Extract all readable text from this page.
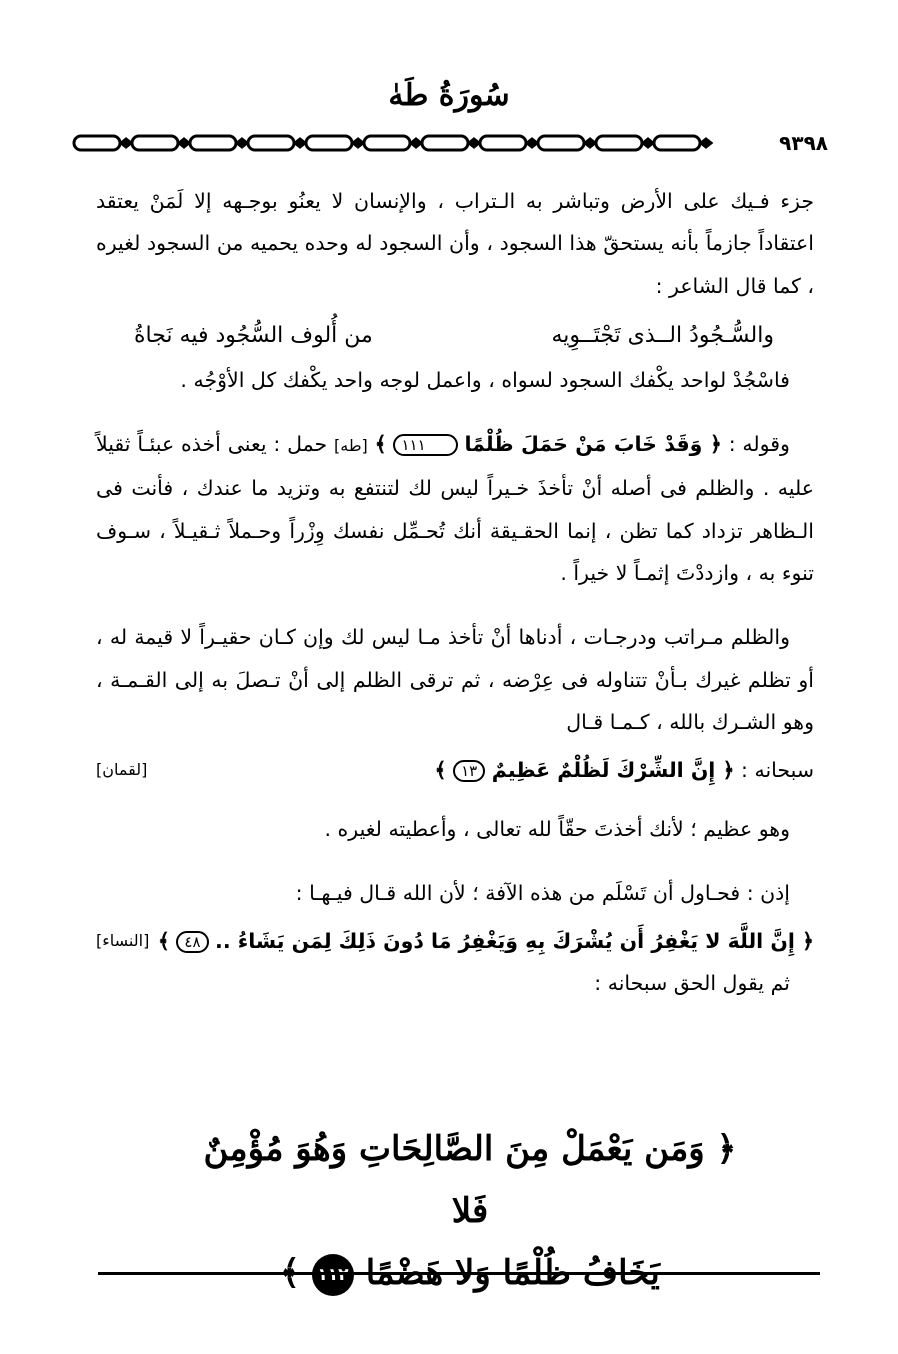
سُورَةُ طَهٰ
٩٣٩٨

جزء فـيك على الأرض وتباشر به الـتراب ، والإنسان لا يعنُو بوجـهه إلا لَمَنْ يعتقد اعتقاداً جازماً بأنه يستحقّ هذا السجود ، وأن السجود له وحده يحميه من السجود لغيره ، كما قال الشاعر :

والسُّـجُودُ الــذى تَجْتَــوِيه
من أُلوف السُّجُود فيه نَجاةُ

فاسْجُدْ لواحد يكْفك السجود لسواه ، واعمل لوجه واحد يكْفك كل الأوْجُه .

وقوله : ﴿ وَقَدْ خَابَ مَنْ حَمَلَ ظُلْمًا ١١١ ﴾ [طه] حمل : يعنى أخذه عبئـاً ثقيلاً عليه . والظلم فى أصله أنْ تأخذَ خـيراً ليس لك لتنتفع به وتزيد ما عندك ، فأنت فى الـظاهر تزداد كما تظن ، إنما الحقـيقة أنك تُحـمِّل نفسك وِزْراً وحـملاً ثـقيـلاً ، سـوف تنوء به ، وازددْتَ إثمـاً لا خيراً .

والظلم مـراتب ودرجـات ، أدناها أنْ تأخذ مـا ليس لك وإن كـان حقيـراً لا قيمة له ، أو تظلم غيرك بـأنْ تتناوله فى عِرْضه ، ثم ترقى الظلم إلى أنْ تـصلَ به إلى القـمـة ، وهو الشـرك بالله ، كـمـا قـال

سبحانه : ﴿ إِنَّ الشِّرْكَ لَظُلْمٌ عَظِيمٌ ١٣ ﴾
[لقمان]

وهو عظيم ؛ لأنك أخذتَ حقّاً لله تعالى ، وأعطيته لغيره .

إذن : فحـاول أن تَسْلَم من هذه الآفة ؛ لأن الله قـال فيـهـا :

﴿ إِنَّ اللَّهَ لا يَغْفِرُ أَن يُشْرَكَ بِهِ وَيَغْفِرُ مَا دُونَ ذَلِكَ لِمَن يَشَاءُ .. ٤٨ ﴾
[النساء]

ثم يقول الحق سبحانه :

﴿ وَمَن يَعْمَلْ مِنَ الصَّالِحَاتِ وَهُوَ مُؤْمِنٌ فَلا
يَخَافُ ظُلْمًا وَلا هَضْمًا ١١٢ ﴾
